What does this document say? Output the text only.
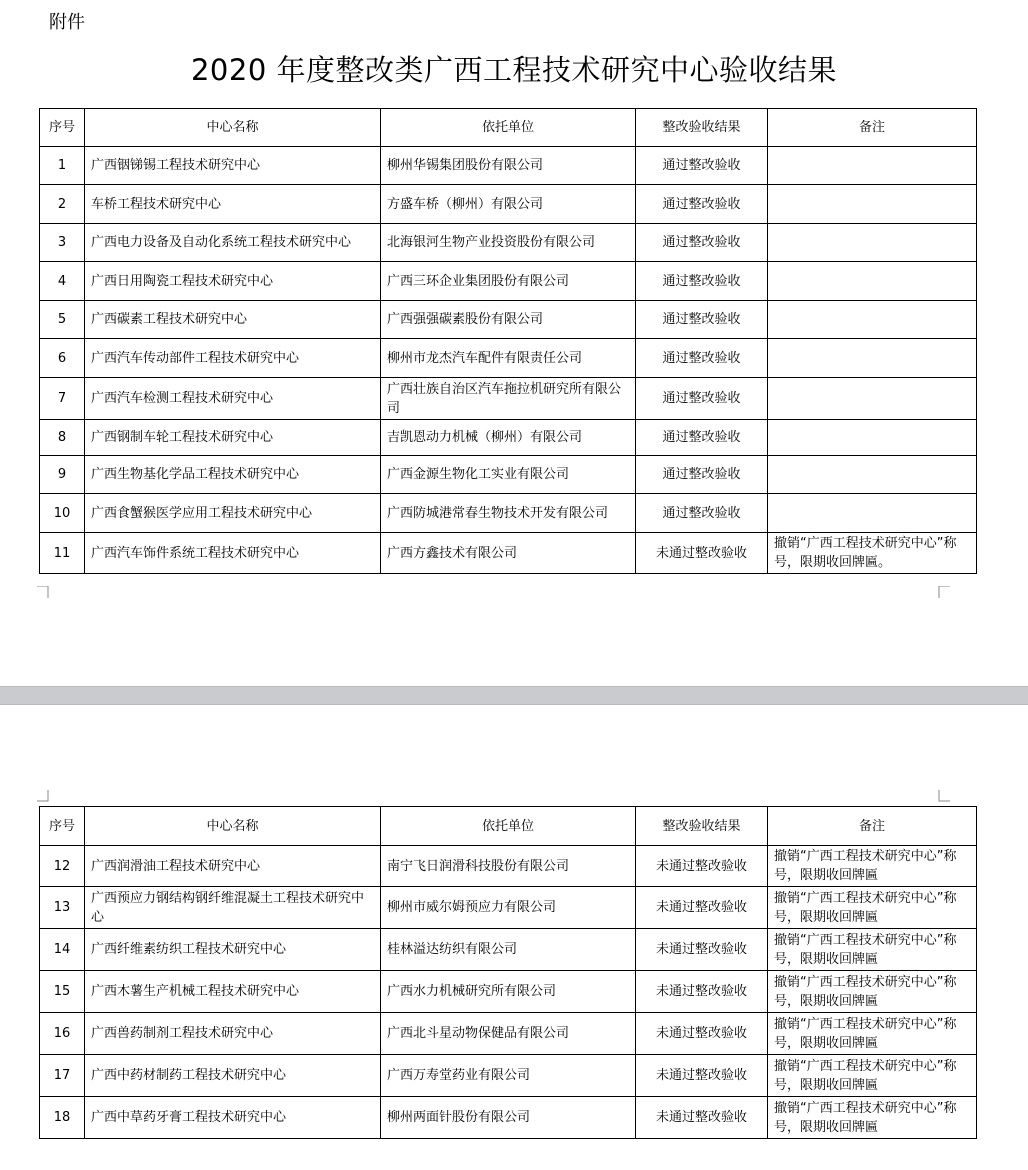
附件
2020 年度整改类广西工程技术研究中心验收结果
序号	中心名称	依托单位	整改验收结果	备注
1	广西铟锑锡工程技术研究中心	柳州华锡集团股份有限公司	通过整改验收	
2	车桥工程技术研究中心	方盛车桥（柳州）有限公司	通过整改验收	
3	广西电力设备及自动化系统工程技术研究中心	北海银河生物产业投资股份有限公司	通过整改验收	
4	广西日用陶瓷工程技术研究中心	广西三环企业集团股份有限公司	通过整改验收	
5	广西碳素工程技术研究中心	广西强强碳素股份有限公司	通过整改验收	
6	广西汽车传动部件工程技术研究中心	柳州市龙杰汽车配件有限责任公司	通过整改验收	
7	广西汽车检测工程技术研究中心	广西壮族自治区汽车拖拉机研究所有限公司	通过整改验收	
8	广西钢制车轮工程技术研究中心	吉凯恩动力机械（柳州）有限公司	通过整改验收	
9	广西生物基化学品工程技术研究中心	广西金源生物化工实业有限公司	通过整改验收	
10	广西食蟹猴医学应用工程技术研究中心	广西防城港常春生物技术开发有限公司	通过整改验收	
11	广西汽车饰件系统工程技术研究中心	广西方鑫技术有限公司	未通过整改验收	撤销“广西工程技术研究中心”称号，限期收回牌匾。
序号	中心名称	依托单位	整改验收结果	备注
12	广西润滑油工程技术研究中心	南宁飞日润滑科技股份有限公司	未通过整改验收	撤销“广西工程技术研究中心”称号，限期收回牌匾
13	广西预应力钢结构钢纤维混凝土工程技术研究中心	柳州市威尔姆预应力有限公司	未通过整改验收	撤销“广西工程技术研究中心”称号，限期收回牌匾
14	广西纤维素纺织工程技术研究中心	桂林溢达纺织有限公司	未通过整改验收	撤销“广西工程技术研究中心”称号，限期收回牌匾
15	广西木薯生产机械工程技术研究中心	广西水力机械研究所有限公司	未通过整改验收	撤销“广西工程技术研究中心”称号，限期收回牌匾
16	广西兽药制剂工程技术研究中心	广西北斗星动物保健品有限公司	未通过整改验收	撤销“广西工程技术研究中心”称号，限期收回牌匾
17	广西中药材制药工程技术研究中心	广西万寿堂药业有限公司	未通过整改验收	撤销“广西工程技术研究中心”称号，限期收回牌匾
18	广西中草药牙膏工程技术研究中心	柳州两面针股份有限公司	未通过整改验收	撤销“广西工程技术研究中心”称号，限期收回牌匾
